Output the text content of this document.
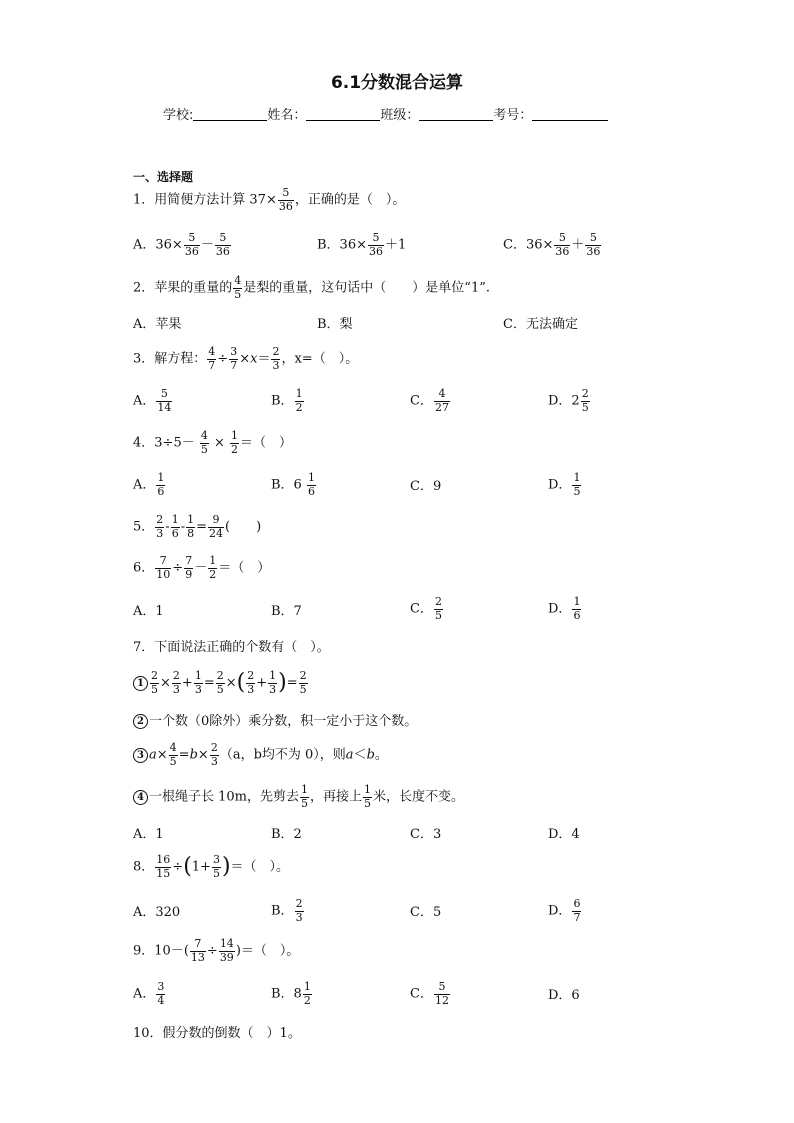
6.1分数混合运算
学校:	姓名：	班级：	考号：
一、选择题
1．用简便方法计算 $37\times \frac{5}{36}$ ，正确的是（　）。
A．$36\times \frac{5}{36} - \frac{5}{36}$	B．$36\times \frac{5}{36} +1$	C．$36\times \frac{5}{36} + \frac{5}{36}$
2．苹果的重量的 $\frac{4}{5}$ 是梨的重量，这句话中（　　）是单位“1”.
A．苹果	B．梨	C．无法确定
3．解方程： $\frac{4}{7} \div \frac{3}{7} \times x= \frac{2}{3}$ ，x=（　）。
A． $\frac{5}{14}$	B． $\frac{1}{2}$	C． $\frac{4}{27}$	D．$2 \frac{2}{5}$
4．$3\div 5- \frac{4}{5} \times \frac{1}{2}$ ＝（　）
A． $\frac{1}{6}$	B．$6 \frac{1}{6}$	C．9	D． $\frac{1}{5}$
5． $\frac{2}{3} - \frac{1}{6} - \frac{1}{8} = \frac{9}{24}$ (　　)
6． $\frac{7}{10} \div \frac{7}{9} - \frac{1}{2}$ ＝（　）
A．1	B．7	C． $\frac{2}{5}$	D． $\frac{1}{6}$
7．下面说法正确的个数有（　）。
$1 \frac{2}{5} \times \frac{2}{3} + \frac{1}{3} = \frac{2}{5}$ ×( $\frac{2}{3} + \frac{1}{3}$ )= $\frac{2}{5}$
2 一个数（0除外）乘分数，积一定小于这个数。
3 $a\times \frac{4}{5} =b\times \frac{2}{3} (a$，b均不为 0），则a＜b。
4 一根绳子长 10m，先剪去 $\frac{1}{5}$ ，再接上 $\frac{1}{5}$ 米，长度不变。
A．1	B．2	C．3	D．4
8． $\frac{16}{15} \div(1+ \frac{3}{5}$ )＝（　）。
A．320	B． $\frac{2}{3}$	C．5	D． $\frac{6}{7}$
9．$10-( \frac{7}{13} \div \frac{14}{39}$ )＝（　）。
A． $\frac{3}{4}$	B．$8 \frac{1}{2}$	C． $\frac{5}{12}$	D．6
10．假分数的倒数（　）1。
